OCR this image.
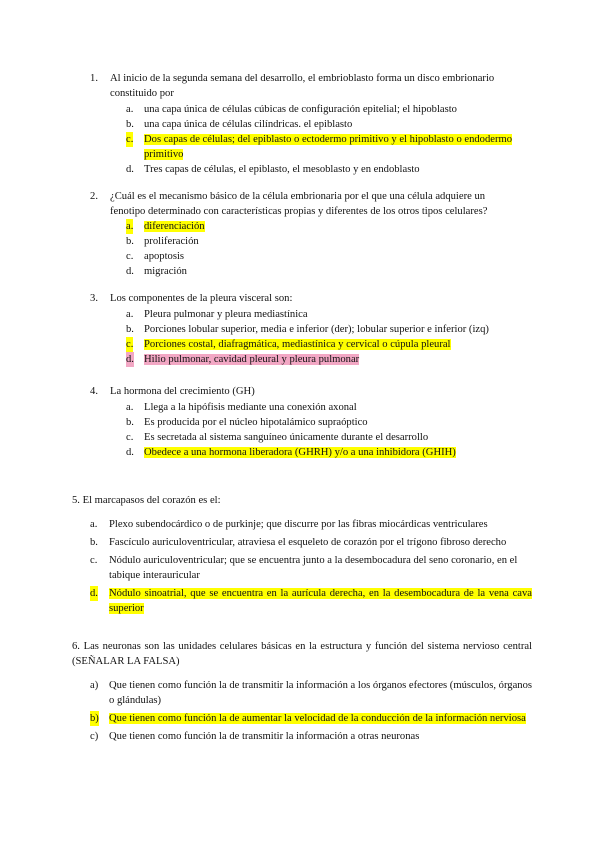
1. Al inicio de la segunda semana del desarrollo, el embrioblasto forma un disco embrionario constituido por
a. una capa única de células cúbicas de configuración epitelial; el hipoblasto
b. una capa única de células cilíndricas. el epiblasto
c. Dos capas de células; del epiblasto o ectodermo primitivo y el hipoblasto o endodermo primitivo
d. Tres capas de células, el epiblasto, el mesoblasto y en endoblasto
2. ¿Cuál es el mecanismo básico de la célula embrionaria por el que una célula adquiere un fenotipo determinado con características propias y diferentes de los otros tipos celulares?
a. diferenciación
b. proliferación
c. apoptosis
d. migración
3. Los componentes de la pleura visceral son:
a. Pleura pulmonar y pleura mediastínica
b. Porciones lobular superior, media e inferior (der); lobular superior e inferior (izq)
c. Porciones costal, diafragmática, mediastínica y cervical o cúpula pleural
d. Hilio pulmonar, cavidad pleural y pleura pulmonar
4. La hormona del crecimiento (GH)
a. Llega a la hipófisis mediante una conexión axonal
b. Es producida por el núcleo hipotalámico supraóptico
c. Es secretada al sistema sanguíneo únicamente durante el desarrollo
d. Obedece a una hormona liberadora (GHRH) y/o a una inhibidora (GHIH)
5. El marcapasos del corazón es el:
a. Plexo subendocárdico o de purkinje; que discurre por las fibras miocárdicas ventriculares
b. Fascículo auriculoventricular, atraviesa el esqueleto de corazón por el trígono fibroso derecho
c. Nódulo auriculoventricular; que se encuentra junto a la desembocadura del seno coronario, en el tabique interauricular
d. Nódulo sinoatrial, que se encuentra en la aurícula derecha, en la desembocadura de la vena cava superior
6. Las neuronas son las unidades celulares básicas en la estructura y función del sistema nervioso central (SEÑALAR LA FALSA)
a) Que tienen como función la de transmitir la información a los órganos efectores (músculos, órganos o glándulas)
b) Que tienen como función la de aumentar la velocidad de la conducción de la información nerviosa
c) Que tienen como función la de transmitir la información a otras neuronas
